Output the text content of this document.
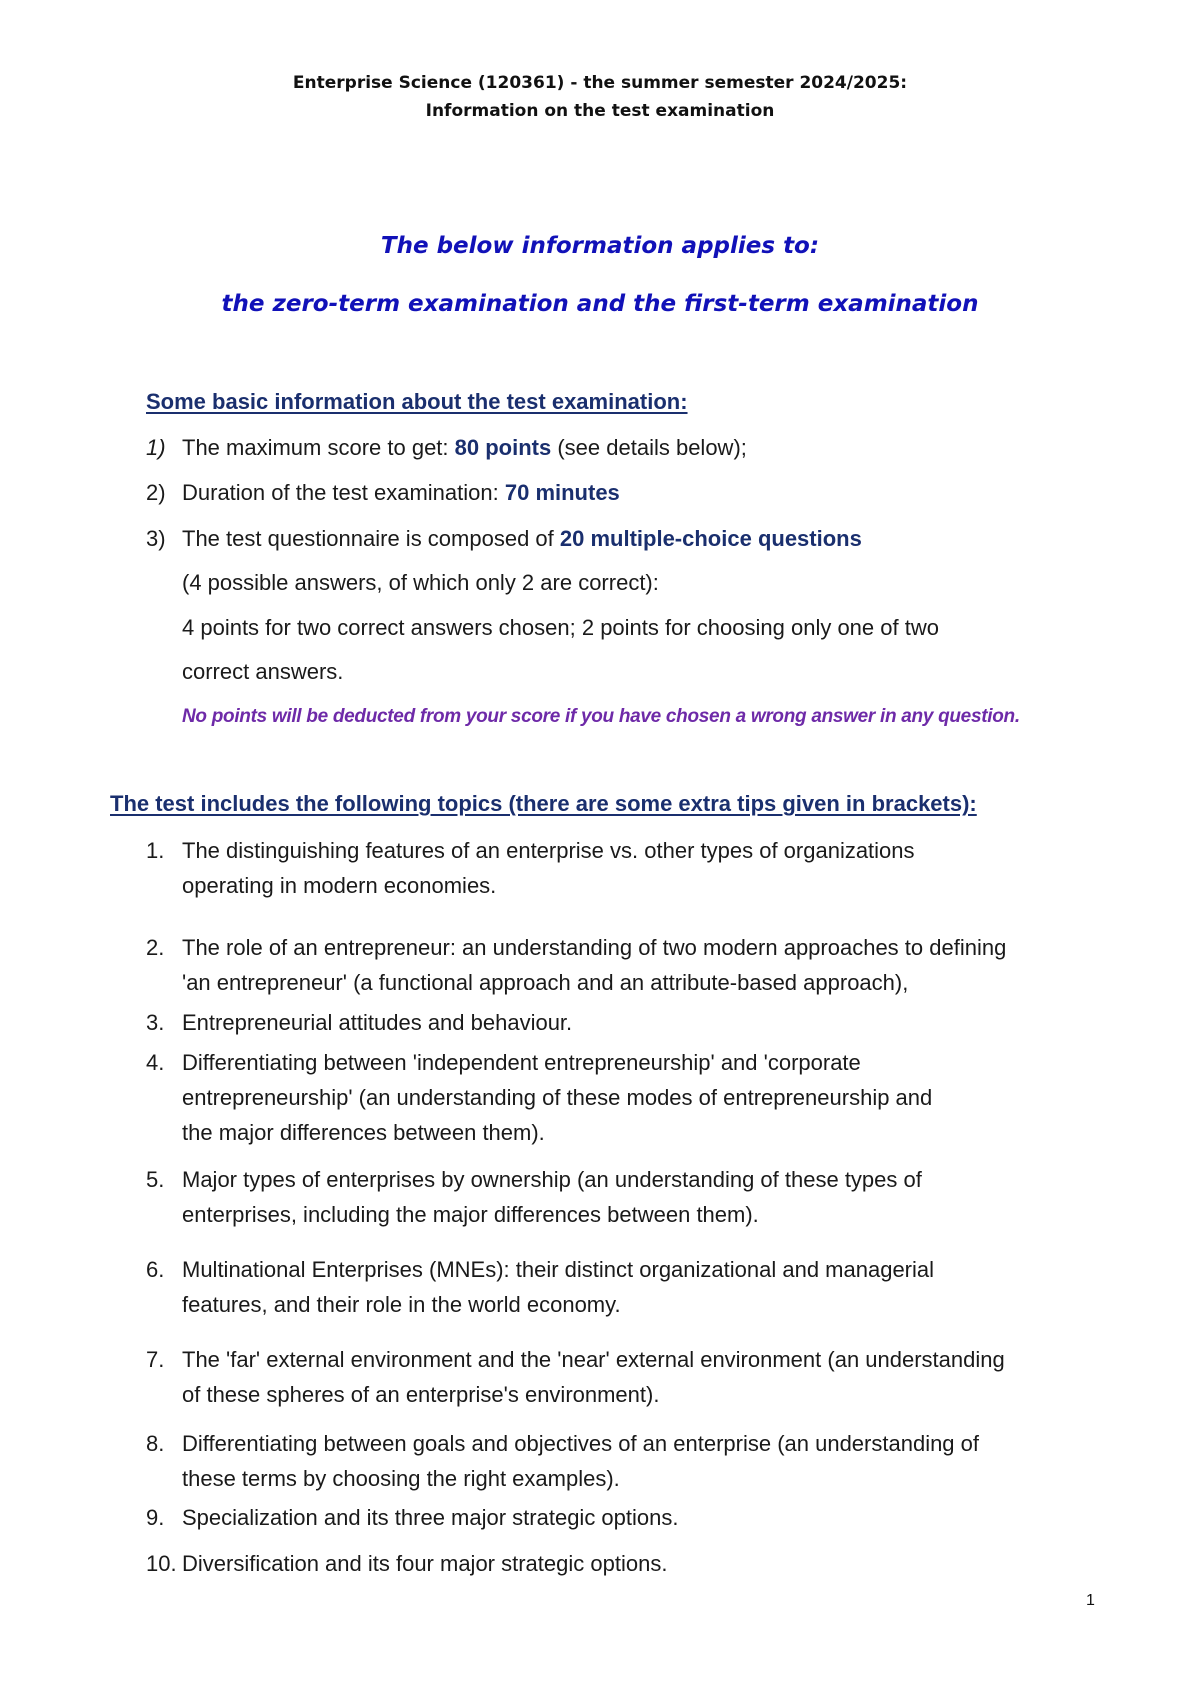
Enterprise Science (120361) - the summer semester 2024/2025:
Information on the test examination
The below information applies to:
the zero-term examination and the first-term examination
Some basic information about the test examination:
1) The maximum score to get: 80 points (see details below);
2) Duration of the test examination: 70 minutes
3) The test questionnaire is composed of 20 multiple-choice questions
(4 possible answers, of which only 2 are correct):
4 points for two correct answers chosen; 2 points for choosing only one of two
correct answers.
No points will be deducted from your score if you have chosen a wrong answer in any question.
The test includes the following topics (there are some extra tips given in brackets):
1. The distinguishing features of an enterprise vs. other types of organizations
operating in modern economies.
2. The role of an entrepreneur: an understanding of two modern approaches to defining
'an entrepreneur' (a functional approach and an attribute-based approach),
3. Entrepreneurial attitudes and behaviour.
4. Differentiating between 'independent entrepreneurship' and 'corporate
entrepreneurship' (an understanding of these modes of entrepreneurship and
the major differences between them).
5. Major types of enterprises by ownership (an understanding of these types of
enterprises, including the major differences between them).
6. Multinational Enterprises (MNEs): their distinct organizational and managerial
features, and their role in the world economy.
7. The 'far' external environment and the 'near' external environment (an understanding
of these spheres of an enterprise's environment).
8. Differentiating between goals and objectives of an enterprise (an understanding of
these terms by choosing the right examples).
9. Specialization and its three major strategic options.
10. Diversification and its four major strategic options.
1
